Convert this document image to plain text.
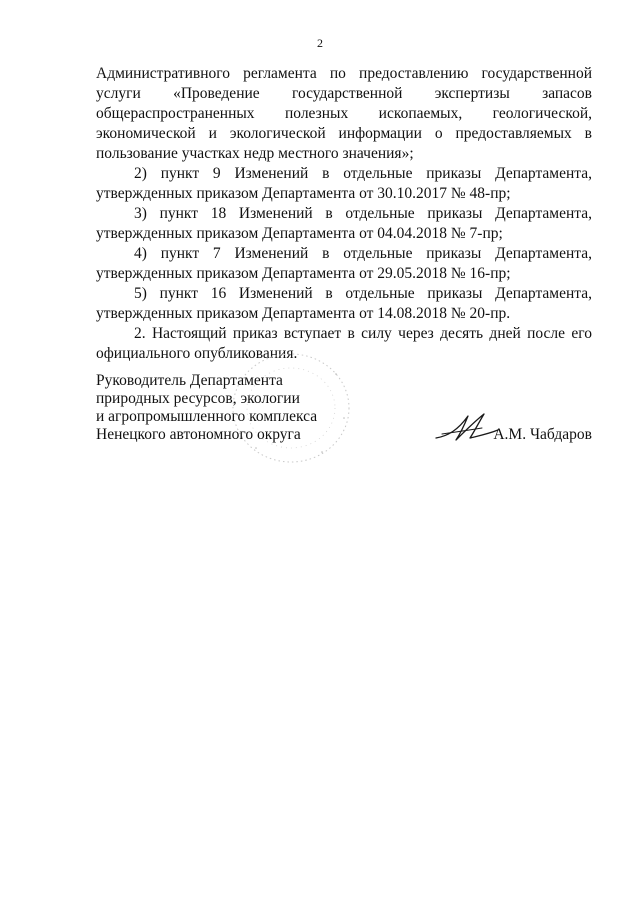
2

Административного регламента по предоставлению государственной услуги «Проведение государственной экспертизы запасов общераспространенных полезных ископаемых, геологической, экономической и экологической информации о предоставляемых в пользование участках недр местного значения»;

2) пункт 9 Изменений в отдельные приказы Департамента,

утвержденных приказом Департамента от 30.10.2017 № 48-пр;

3) пункт 18 Изменений в отдельные приказы Департамента,

утвержденных приказом Департамента от 04.04.2018 № 7-пр;

4) пункт 7 Изменений в отдельные приказы Департамента,

утвержденных приказом Департамента от 29.05.2018 № 16-пр;

5) пункт 16 Изменений в отдельные приказы Департамента,

утвержденных приказом Департамента от 14.08.2018 № 20-пр.

2. Настоящий приказ вступает в силу через десять дней после его официального опубликования.

Руководитель Департамента
природных ресурсов, экологии
и агропромышленного комплекса
Ненецкого автономного округа	А.М. Чабдаров
